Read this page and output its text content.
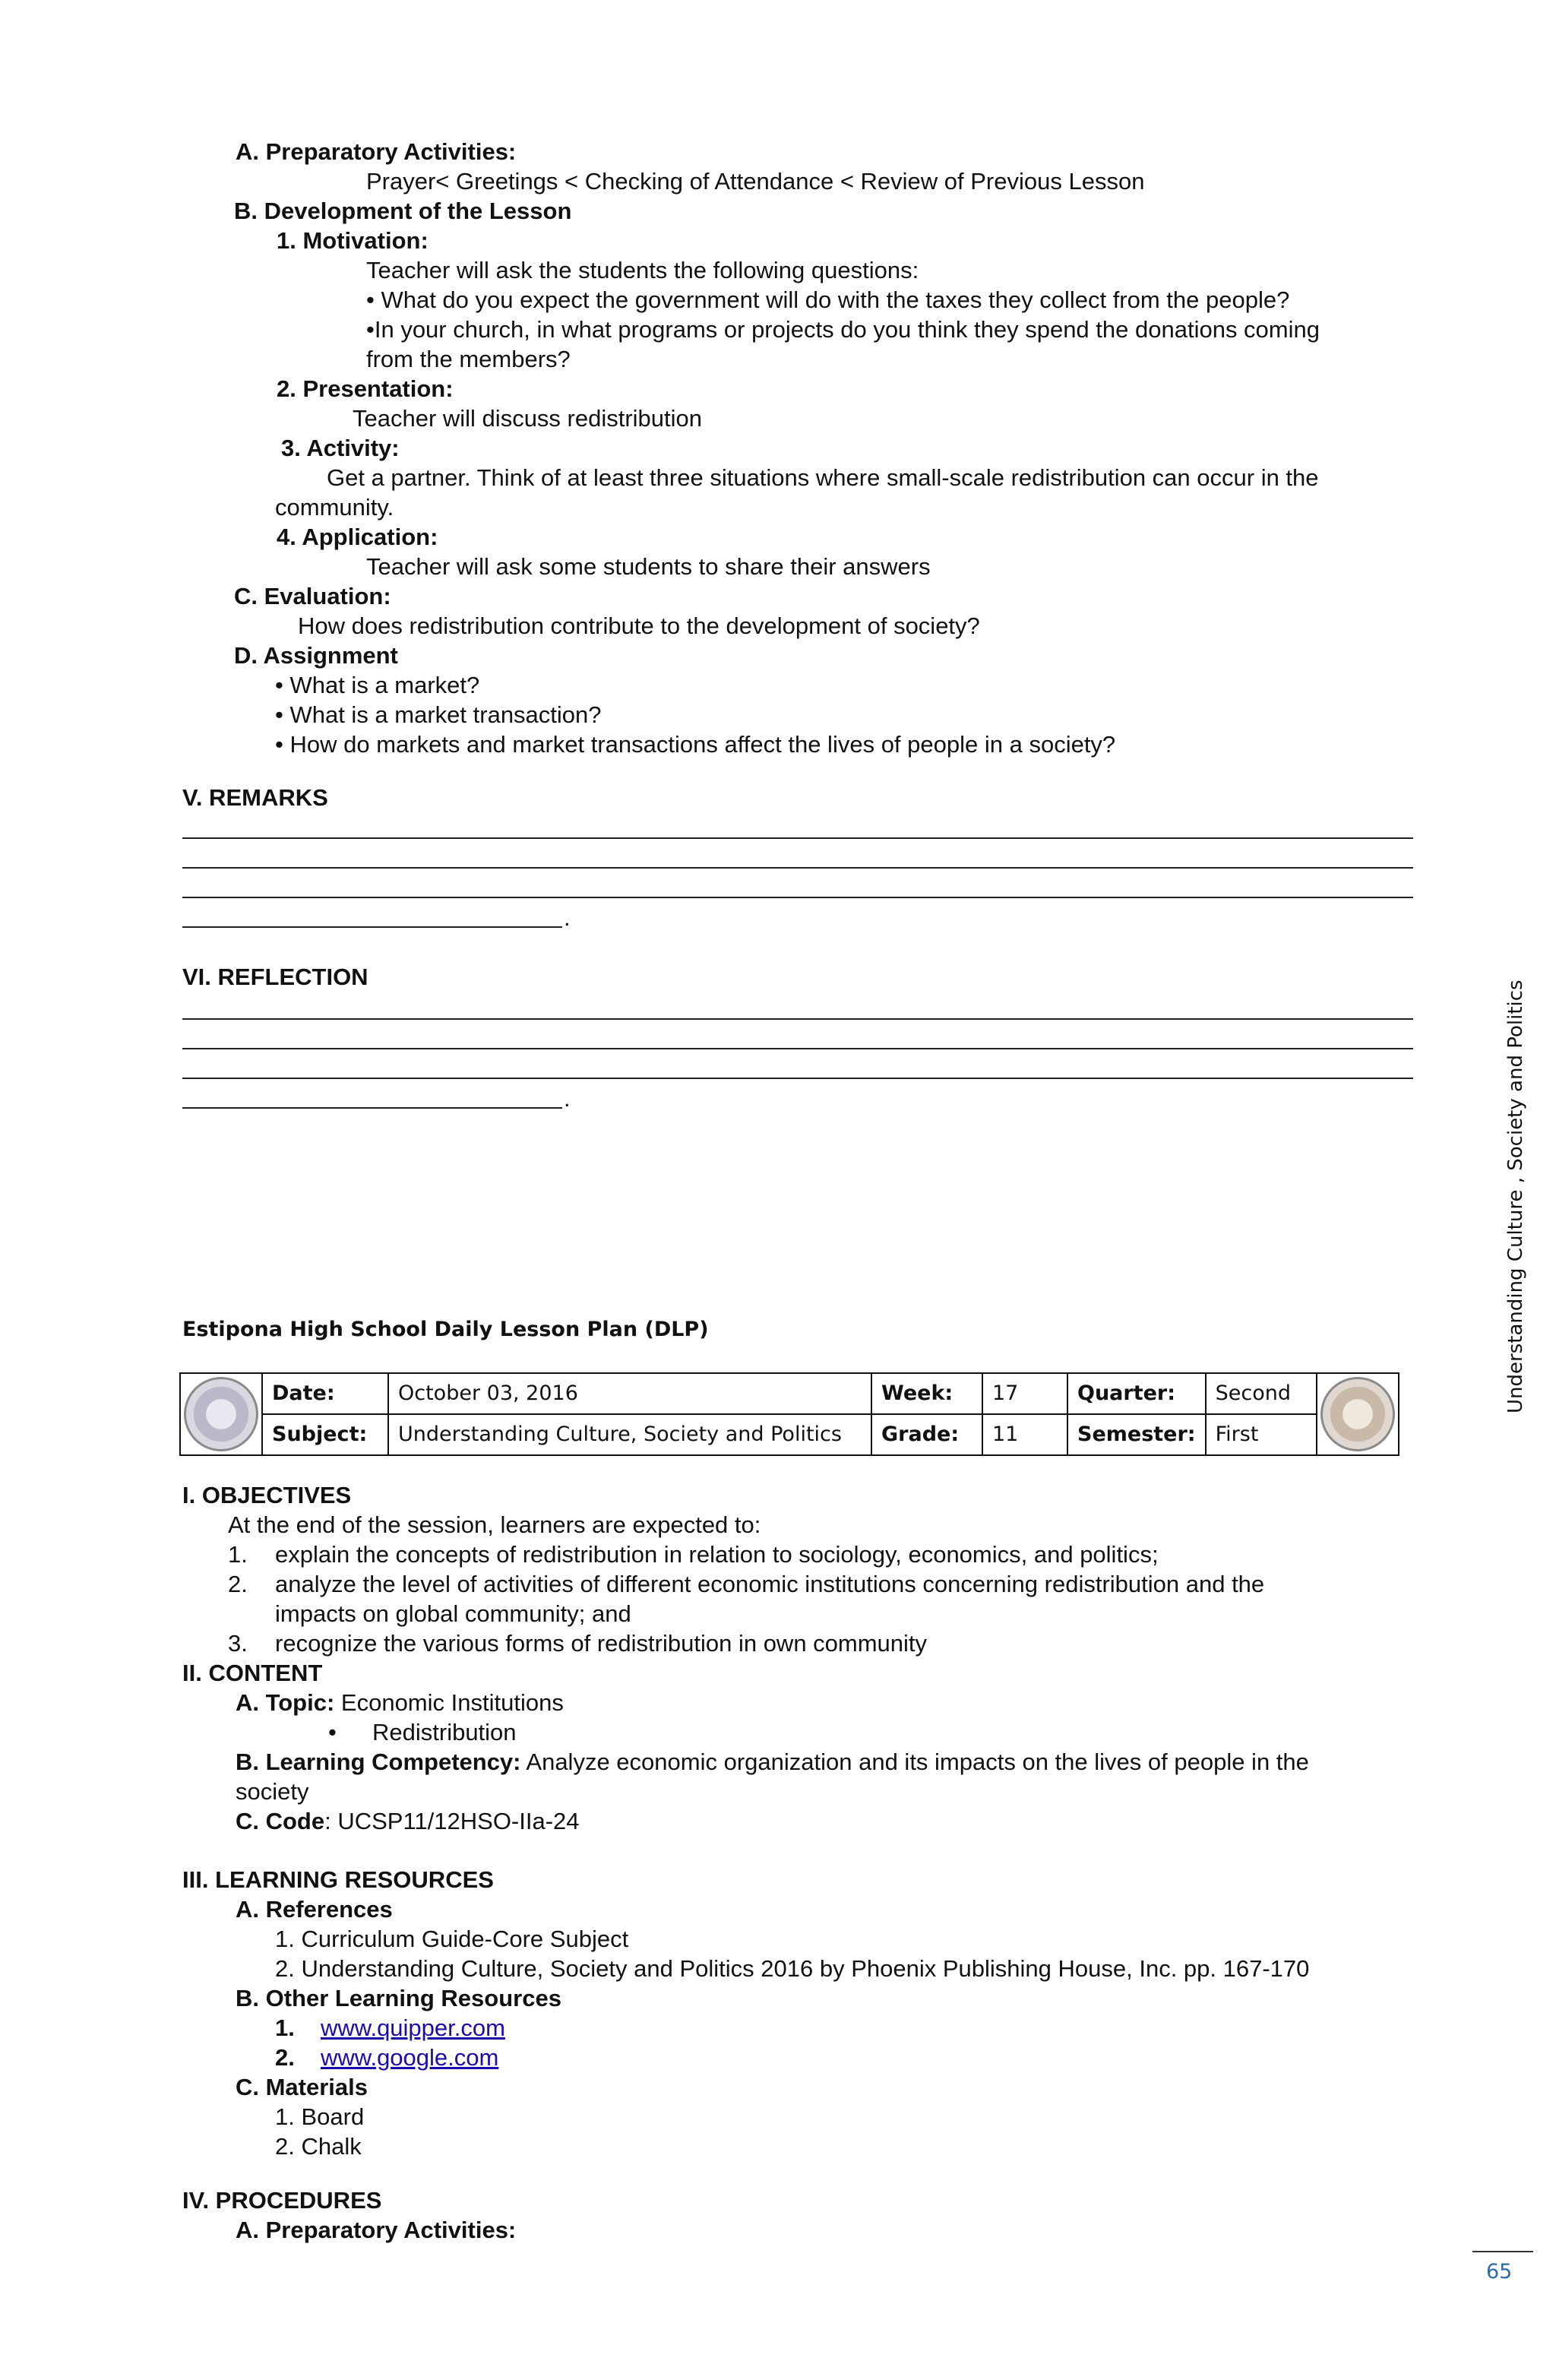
A. Preparatory Activities:
Prayer< Greetings < Checking of Attendance < Review of Previous Lesson
B. Development of the Lesson
1. Motivation:
Teacher will ask the students the following questions:
• What do you expect the government will do with the taxes they collect from the people?
•In your church, in what programs or projects do you think they spend the donations coming
from the members?
2. Presentation:
Teacher will discuss redistribution
3. Activity:
Get a partner. Think of at least three situations where small-scale redistribution can occur in the
community.
4. Application:
Teacher will ask some students to share their answers
C. Evaluation:
How does redistribution contribute to the development of society?
D. Assignment
• What is a market?
• What is a market transaction?
• How do markets and market transactions affect the lives of people in a society?
V. REMARKS
.
VI. REFLECTION
.
Estipona High School Daily Lesson Plan (DLP)
	Date:	October 03, 2016	Week:	17	Quarter:	Second	

	Subject:	Understanding Culture, Society and Politics	Grade:	11	Semester:	First	
I. OBJECTIVES
At the end of the session, learners are expected to:
1. explain the concepts of redistribution in relation to sociology, economics, and politics;
2. analyze the level of activities of different economic institutions concerning redistribution and the
impacts on global community; and
3. recognize the various forms of redistribution in own community
II. CONTENT
A. Topic: Economic Institutions
• Redistribution
B. Learning Competency: Analyze economic organization and its impacts on the lives of people in the
society
C. Code: UCSP11/12HSO-IIa-24
III. LEARNING RESOURCES
A. References
1. Curriculum Guide-Core Subject
2. Understanding Culture, Society and Politics 2016 by Phoenix Publishing House, Inc. pp. 167-170
B. Other Learning Resources
1. www.quipper.com
2. www.google.com
C. Materials
1. Board
2. Chalk
IV. PROCEDURES
A. Preparatory Activities:
Understanding Culture , Society and Politics
65
